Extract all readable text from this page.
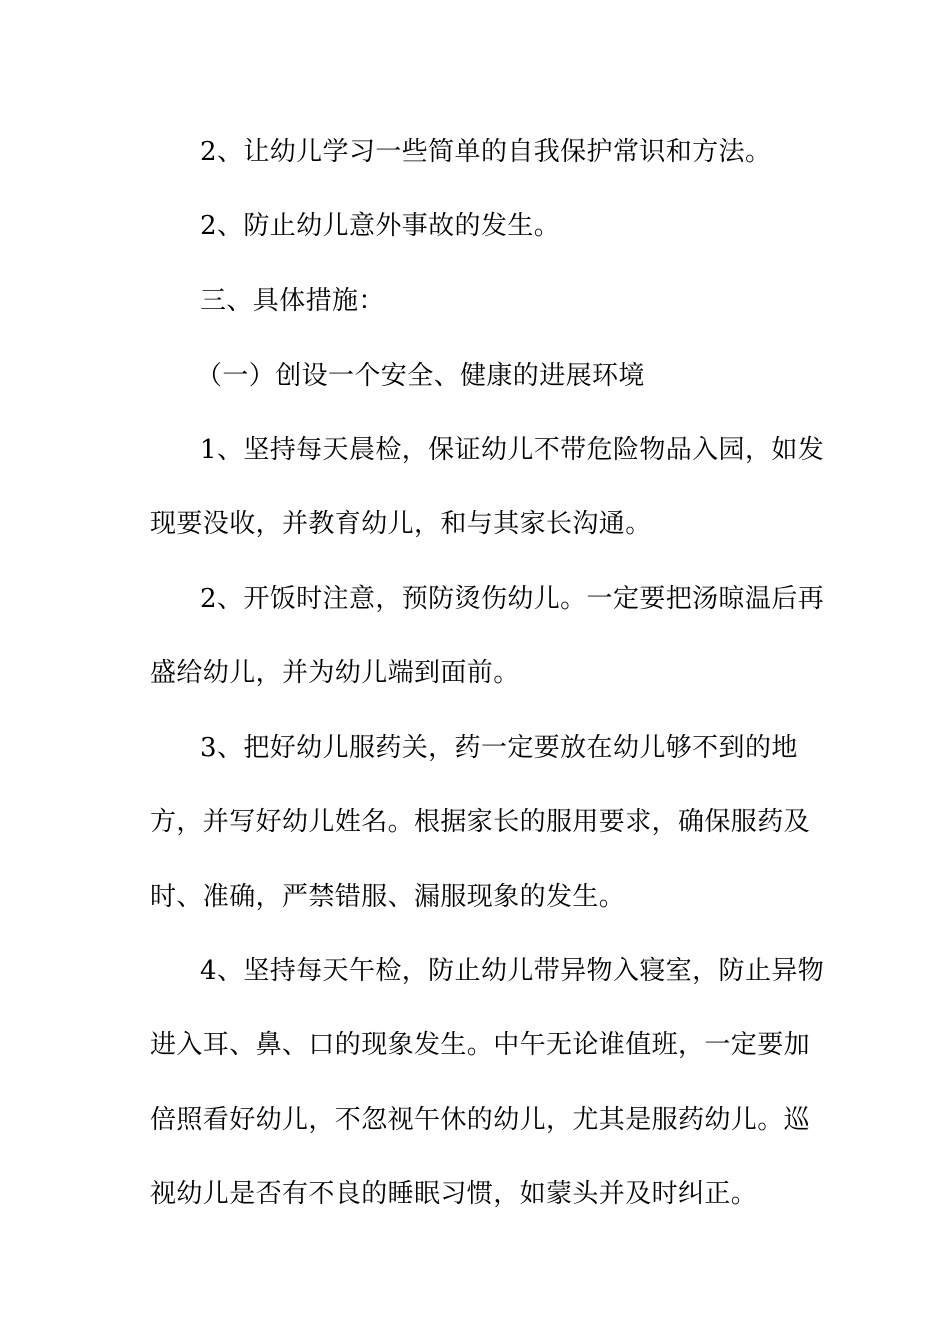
2、让幼儿学习一些简单的自我保护常识和方法。
2、防止幼儿意外事故的发生。
三、具体措施：
（一）创设一个安全、健康的进展环境
1、坚持每天晨检，保证幼儿不带危险物品入园，如发
现要没收，并教育幼儿，和与其家长沟通。
2、开饭时注意，预防烫伤幼儿。一定要把汤晾温后再
盛给幼儿，并为幼儿端到面前。
3、把好幼儿服药关，药一定要放在幼儿够不到的地
方，并写好幼儿姓名。根据家长的服用要求，确保服药及
时、准确，严禁错服、漏服现象的发生。
4、坚持每天午检，防止幼儿带异物入寝室，防止异物
进入耳、鼻、口的现象发生。中午无论谁值班，一定要加
倍照看好幼儿，不忽视午休的幼儿，尤其是服药幼儿。巡
视幼儿是否有不良的睡眠习惯，如蒙头并及时纠正。
